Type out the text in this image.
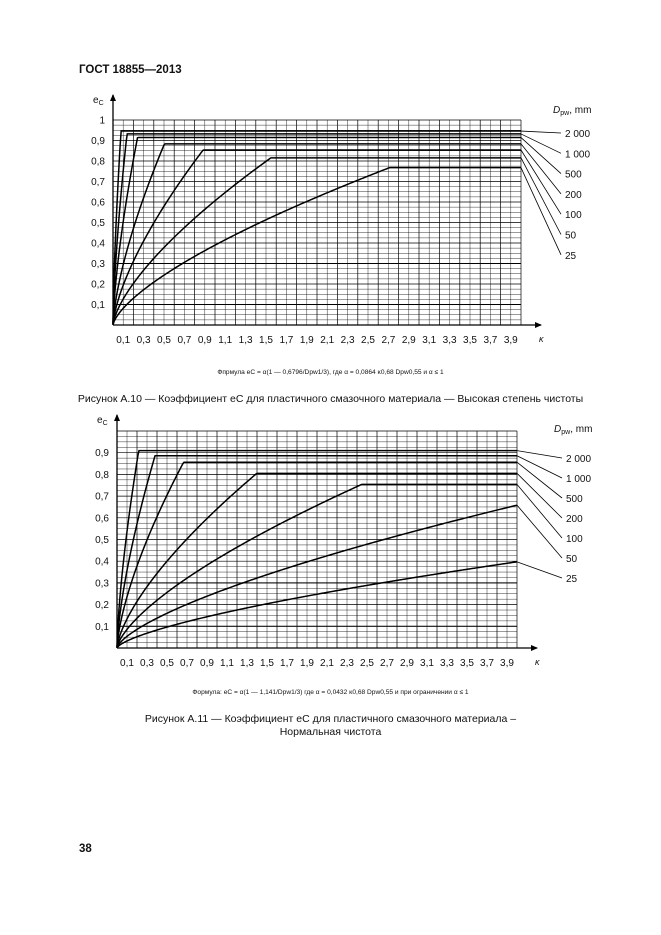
ГОСТ 18855—2013
$e_C$
0,1
0,2
0,3
0,4
0,5
0,6
0,7
0,8
0,9
1
0,1 0,3 0,5 0,7 0,9 1,1 1,3 1,5 1,7 1,9 2,1 2,3 2,5 2,7 2,9 3,1 3,3 3,5 3,7 3,9 κ
$D_{pw}$, mm
2 000
1 000
500
200
100
50
25
Фпрмула eC = α(1 — 0,6796/Dpw1/3), где α = 0,0864 κ0,68 Dpw0,55 и α ≤ 1
Рисунок А.10 — Коэффициент eC для пластичного смазочного материала — Высокая степень чистоты
$e_C$
0,1
0,2
0,3
0,4
0,5
0,6
0,7
0,8
0,9
0,1 0,3 0,5 0,7 0,9 1,1 1,3 1,5 1,7 1,9 2,1 2,3 2,5 2,7 2,9 3,1 3,3 3,5 3,7 3,9 κ
$D_{pw}$, mm
2 000
1 000
500
200
100
50
25
Формула: eC = α(1 — 1,141/Dpw1/3) где α = 0,0432 κ0,68 Dpw0,55 и при ограничении α ≤ 1
Рисунок А.11 — Коэффициент eC для пластичного смазочного материала –
Нормальная чистота
38
